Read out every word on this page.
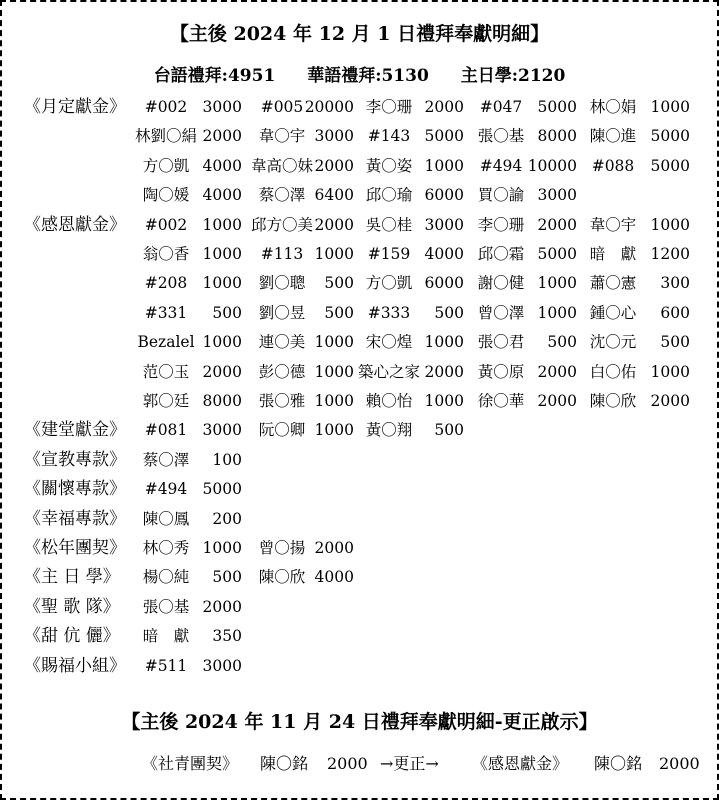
【主後 2024 年 12 月 1 日禮拜奉獻明細】
台語禮拜:4951 華語禮拜:5130 主日學:2120
《月定獻金》	#002 3000	#005 20000 李〇珊 2000	#047 5000 林〇娟 1000
林劉〇絹 2000	韋〇宇 3000 #143 5000 張〇基 8000 陳〇進 5000
方〇凱 4000 韋高〇妹 2000 黃〇姿 1000	#494 10000 #088	5000
陶〇媛 4000	蔡〇澤 6400 邱〇瑜 6000 買〇諭 3000
《感恩獻金》	#002 1000 邱方〇美 2000 吳〇桂 3000 李〇珊 2000 韋〇宇 1000
翁〇香 1000	#113 1000 #159 4000 邱〇霜 5000 暗　獻 1200
#208 1000	劉〇聰	500 方〇凱 6000 謝〇健 1000 蕭〇憲	300
#331	500	劉〇昱	500 #333	500 曾〇澤 1000 鍾〇心	600
Bezalel 1000	連〇美 1000 宋〇煌 1000 張〇君	500 沈〇元	500
范〇玉 2000	彭〇德 1000 築心之家 2000 黃〇原 2000 白〇佑 1000
郭〇廷 8000	張〇雅 1000 賴〇怡 1000 徐〇華 2000 陳〇欣 2000
《建堂獻金》	#081 3000	阮〇卿 1000 黃〇翔	500
《宣教專款》	蔡〇澤	100
《關懷專款》	#494 5000
《幸福專款》	陳〇鳳	200
《松年團契》	林〇秀 1000	曾〇揚 2000
《主 日 學》	楊〇純	500	陳〇欣 4000
《聖 歌 隊》	張〇基 2000
《甜 伉 儷》	暗　獻	350
《賜福小組》	#511 3000
【主後 2024 年 11 月 24 日禮拜奉獻明細-更正啟示】
《社青團契》 陳〇銘 2000 →更正→ 《感恩獻金》 陳〇銘 2000
